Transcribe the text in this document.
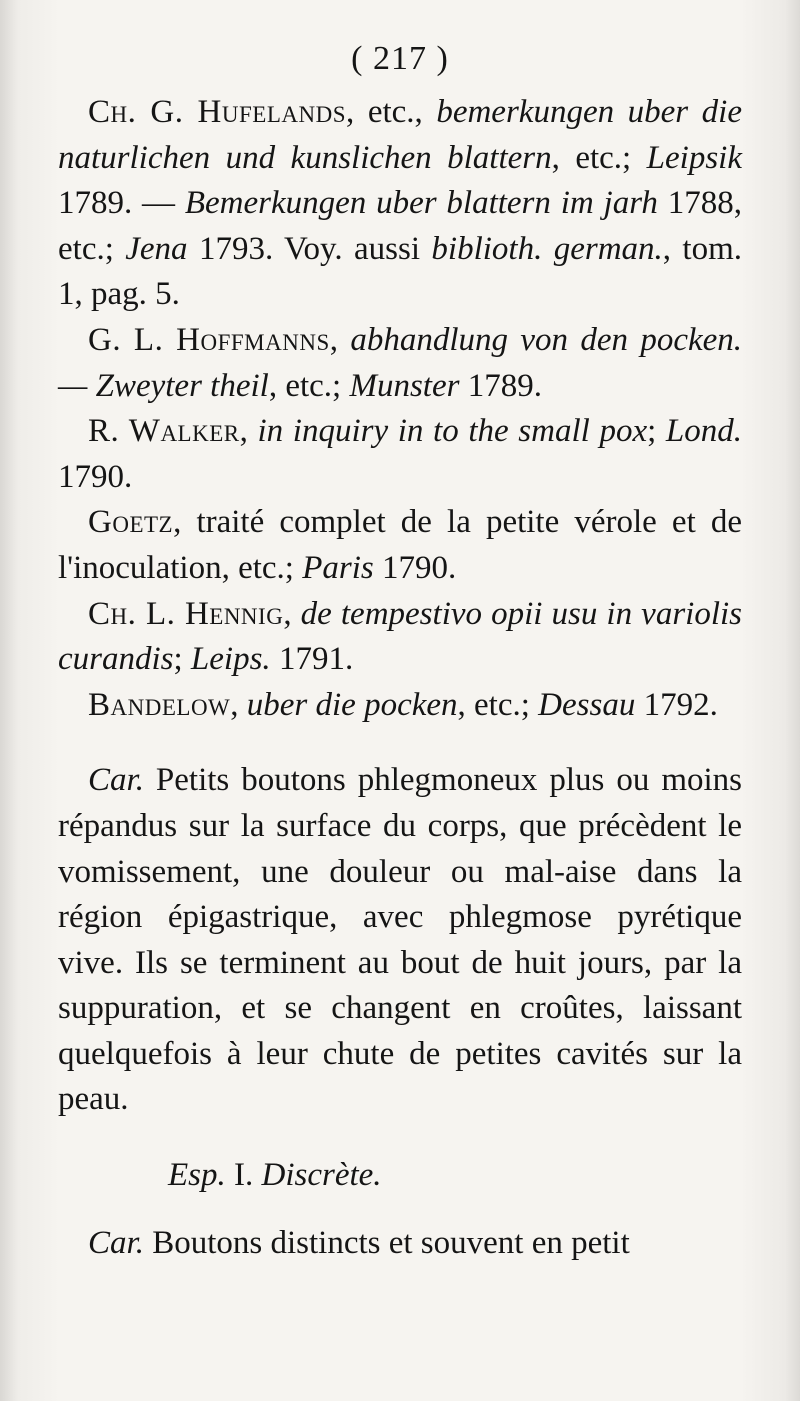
( 217 )

Ch. G. Hufelands, etc., bemerkungen uber die naturlichen und kunslichen blattern, etc.; Leipsik 1789. — Bemerkungen uber blattern im jarh 1788, etc.; Jena 1793. Voy. aussi biblioth. german., tom. 1, pag. 5.

G. L. Hoffmanns, abhandlung von den pocken. — Zweyter theil, etc.; Munster 1789.

R. Walker, in inquiry in to the small pox; Lond. 1790.

Goetz, traité complet de la petite vérole et de l'inoculation, etc.; Paris 1790.

Ch. L. Hennig, de tempestivo opii usu in variolis curandis; Leips. 1791.

Bandelow, uber die pocken, etc.; Dessau 1792.

Car. Petits boutons phlegmoneux plus ou moins répandus sur la surface du corps, que précèdent le vomissement, une douleur ou mal-aise dans la région épigastrique, avec phlegmose pyrétique vive. Ils se terminent au bout de huit jours, par la suppuration, et se changent en croûtes, laissant quelquefois à leur chute de petites cavités sur la peau.

Esp. I. Discrète.

Car. Boutons distincts et souvent en petit
